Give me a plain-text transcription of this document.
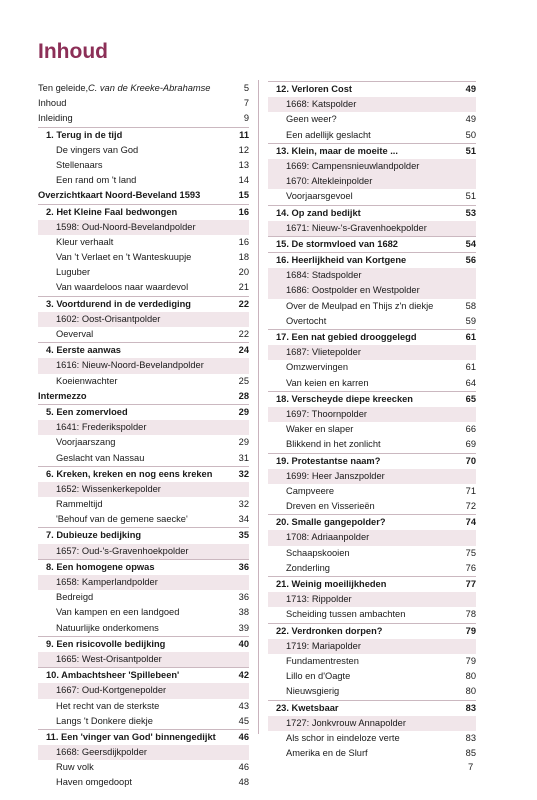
Inhoud
Ten geleide, C. van de Kreeke-Abrahamse	5
Inhoud	7
Inleiding	9
1. Terug in de tijd	11
De vingers van God	12
Stellenaars	13
Een rand om 't land	14
Overzichtkaart Noord-Beveland 1593	15
2. Het Kleine Faal bedwongen	16
1598: Oud-Noord-Bevelandpolder
Kleur verhaalt	16
Van 't Verlaet en 't Wanteskuupje	18
Luguber	20
Van waardeloos naar waardevol	21
3. Voortdurend in de verdediging	22
1602: Oost-Orisantpolder
Oeverval	22
4. Eerste aanwas	24
1616: Nieuw-Noord-Bevelandpolder
Koeienwachter	25
Intermezzo	28
5. Een zomervloed	29
1641: Frederikspolder
Voorjaarszang	29
Geslacht van Nassau	31
6. Kreken, kreken en nog eens kreken	32
1652: Wissenkerkepolder
Rammeltijd	32
'Behouf van de gemene saecke'	34
7. Dubieuze bedijking	35
1657: Oud-'s-Gravenhoekpolder
8. Een homogene opwas	36
1658: Kamperlandpolder
Bedreigd	36
Van kampen en een landgoed	38
Natuurlijke onderkomens	39
9. Een risicovolle bedijking	40
1665: West-Orisantpolder
10. Ambachtsheer 'Spillebeen'	42
1667: Oud-Kortgenepolder
Het recht van de sterkste	43
Langs 't Donkere diekje	45
11. Een 'vinger van God' binnengedijkt 46
1668: Geersdijkpolder
Ruw volk	46
Haven omgedoopt	48
12. Verloren Cost	49
1668: Katspolder
Geen weer?	49
Een adellijk geslacht	50
13. Klein, maar de moeite ...	51
1669: Campensnieuwlandpolder
1670: Altekleinpolder
Voorjaarsgevoel	51
14. Op zand bedijkt	53
1671: Nieuw-'s-Gravenhoekpolder
15. De stormvloed van 1682	54
16. Heerlijkheid van Kortgene	56
1684: Stadspolder
1686: Oostpolder en Westpolder
Over de Meulpad en Thijs z'n diekje	58
Overtocht	59
17. Een nat gebied drooggelegd	61
1687: Vlietepolder
Omzwervingen	61
Van keien en karren	64
18. Verscheyde diepe kreecken	65
1697: Thoornpolder
Waker en slaper	66
Blikkend in het zonlicht	69
19. Protestantse naam?	70
1699: Heer Janszpolder
Campveere	71
Dreven en Visserieën	72
20. Smalle gangepolder?	74
1708: Adriaanpolder
Schaapskooien	75
Zonderling	76
21. Weinig moeilijkheden	77
1713: Rippolder
Scheiding tussen ambachten	78
22. Verdronken dorpen?	79
1719: Mariapolder
Fundamentresten	79
Lillo en d'Oagte	80
Nieuwsgierig	80
23. Kwetsbaar	83
1727: Jonkvrouw Annapolder
Als schor in eindeloze verte	83
Amerika en de Slurf	85
7
